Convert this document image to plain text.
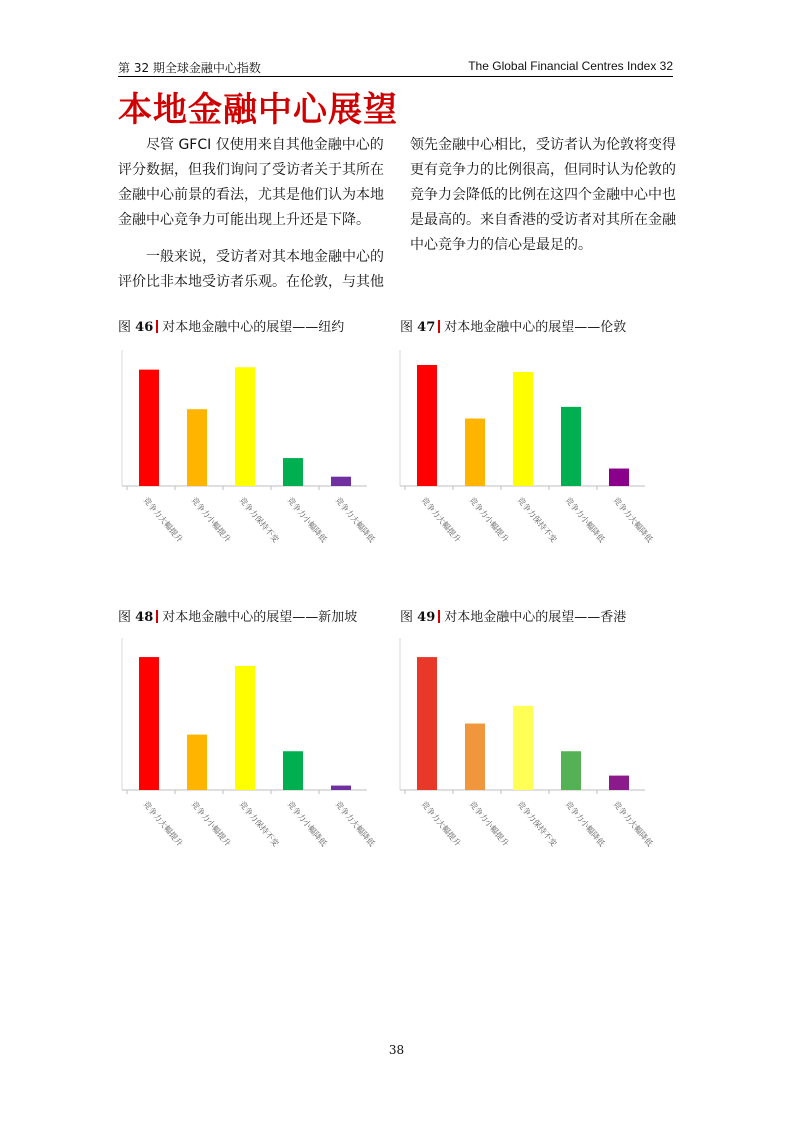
第 32 期全球金融中心指数	The Global Financial Centres Index 32
本地金融中心展望

尽管 GFCI 仅使用来自其他金融中心的评分数据，但我们询问了受访者关于其所在金融中心前景的看法，尤其是他们认为本地金融中心竞争力可能出现上升还是下降。

一般来说，受访者对其本地金融中心的评价比非本地受访者乐观。在伦敦，与其他

领先金融中心相比，受访者认为伦敦将变得更有竞争力的比例很高，但同时认为伦敦的竞争力会降低的比例在这四个金融中心中也是最高的。来自香港的受访者对其所在金融中心竞争力的信心是最足的。

图 46 对本地金融中心的展望——纽约
竞争力大幅提升 竞争力小幅提升 竞争力保持不变 竞争力小幅降低 竞争力大幅降低
图 47 对本地金融中心的展望——伦敦
竞争力大幅提升 竞争力小幅提升 竞争力保持不变 竞争力小幅降低 竞争力大幅降低
图 48 对本地金融中心的展望——新加坡
竞争力大幅提升 竞争力小幅提升 竞争力保持不变 竞争力小幅降低 竞争力大幅降低
图 49 对本地金融中心的展望——香港
竞争力大幅提升 竞争力小幅提升 竞争力保持不变 竞争力小幅降低 竞争力大幅降低
38
